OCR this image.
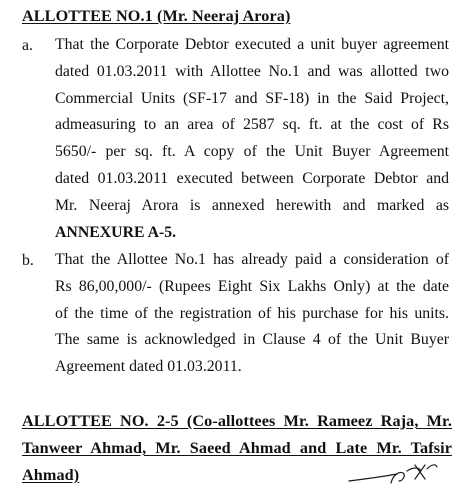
ALLOTTEE NO.1 (Mr. Neeraj Arora)
a. That the Corporate Debtor executed a unit buyer agreement
dated 01.03.2011 with Allottee No.1 and was allotted two
Commercial Units (SF-17 and SF-18) in the Said Project,
admeasuring to an area of 2587 sq. ft. at the cost of Rs
5650/- per sq. ft. A copy of the Unit Buyer Agreement
dated 01.03.2011 executed between Corporate Debtor and
Mr. Neeraj Arora is annexed herewith and marked as
ANNEXURE A-5.
b. That the Allottee No.1 has already paid a consideration of
Rs 86,00,000/- (Rupees Eight Six Lakhs Only) at the date
of the time of the registration of his purchase for his units.
The same is acknowledged in Clause 4 of the Unit Buyer
Agreement dated 01.03.2011.
ALLOTTEE NO. 2-5 (Co-allottees Mr. Rameez Raja, Mr. Tanweer Ahmad, Mr. Saeed Ahmad and Late Mr. Tafsir Ahmad)
